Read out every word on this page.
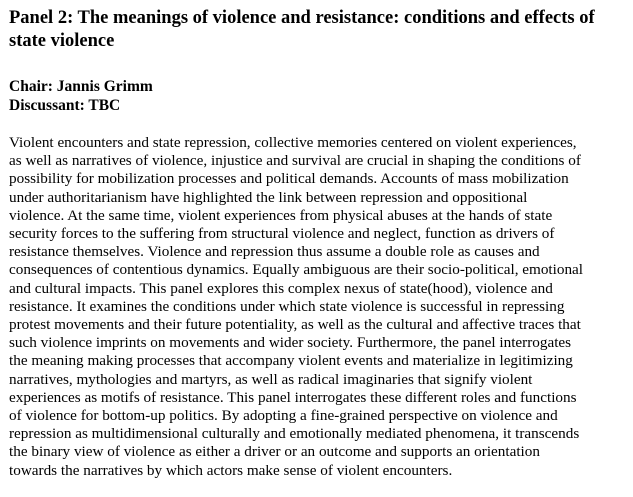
Panel 2: The meanings of violence and resistance: conditions and effects of
state violence
Chair: Jannis Grimm
Discussant: TBC
Violent encounters and state repression, collective memories centered on violent experiences,
as well as narratives of violence, injustice and survival are crucial in shaping the conditions of
possibility for mobilization processes and political demands. Accounts of mass mobilization
under authoritarianism have highlighted the link between repression and oppositional
violence. At the same time, violent experiences from physical abuses at the hands of state
security forces to the suffering from structural violence and neglect, function as drivers of
resistance themselves. Violence and repression thus assume a double role as causes and
consequences of contentious dynamics. Equally ambiguous are their socio-political, emotional
and cultural impacts. This panel explores this complex nexus of state(hood), violence and
resistance. It examines the conditions under which state violence is successful in repressing
protest movements and their future potentiality, as well as the cultural and affective traces that
such violence imprints on movements and wider society. Furthermore, the panel interrogates
the meaning making processes that accompany violent events and materialize in legitimizing
narratives, mythologies and martyrs, as well as radical imaginaries that signify violent
experiences as motifs of resistance. This panel interrogates these different roles and functions
of violence for bottom-up politics. By adopting a fine-grained perspective on violence and
repression as multidimensional culturally and emotionally mediated phenomena, it transcends
the binary view of violence as either a driver or an outcome and supports an orientation
towards the narratives by which actors make sense of violent encounters.
